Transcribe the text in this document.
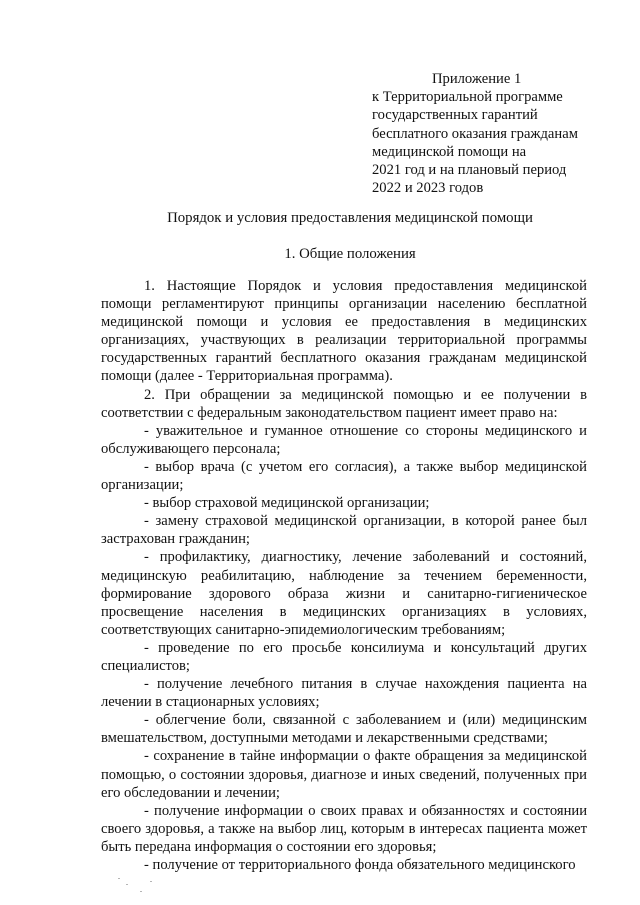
Приложение 1
к Территориальной программе
государственных гарантий
бесплатного оказания гражданам
медицинской помощи на
2021 год и на плановый период
2022 и 2023 годов
Порядок и условия предоставления медицинской помощи
1. Общие положения

1. Настоящие Порядок и условия предоставления медицинской помощи регламентируют принципы организации населению бесплатной медицинской помощи и условия ее предоставления в медицинских организациях, участвующих в реализации территориальной программы государственных гарантий бесплатного оказания гражданам медицинской помощи (далее - Территориальная программа).

2. При обращении за медицинской помощью и ее получении в соответствии с федеральным законодательством пациент имеет право на:

- уважительное и гуманное отношение со стороны медицинского и обслуживающего персонала;

- выбор врача (с учетом его согласия), а также выбор медицинской организации;

- выбор страховой медицинской организации;

- замену страховой медицинской организации, в которой ранее был застрахован гражданин;

- профилактику, диагностику, лечение заболеваний и состояний, медицинскую реабилитацию, наблюдение за течением беременности, формирование здорового образа жизни и санитарно-гигиеническое просвещение населения в медицинских организациях в условиях, соответствующих санитарно-эпидемиологическим требованиям;

- проведение по его просьбе консилиума и консультаций других специалистов;

- получение лечебного питания в случае нахождения пациента на лечении в стационарных условиях;

- облегчение боли, связанной с заболеванием и (или) медицинским вмешательством, доступными методами и лекарственными средствами;

- сохранение в тайне информации о факте обращения за медицинской помощью, о состоянии здоровья, диагнозе и иных сведений, полученных при его обследовании и лечении;

- получение информации о своих правах и обязанностях и состоянии своего здоровья, а также на выбор лиц, которым в интересах пациента может быть передана информация о состоянии его здоровья;

- получение от территориального фонда обязательного медицинского
